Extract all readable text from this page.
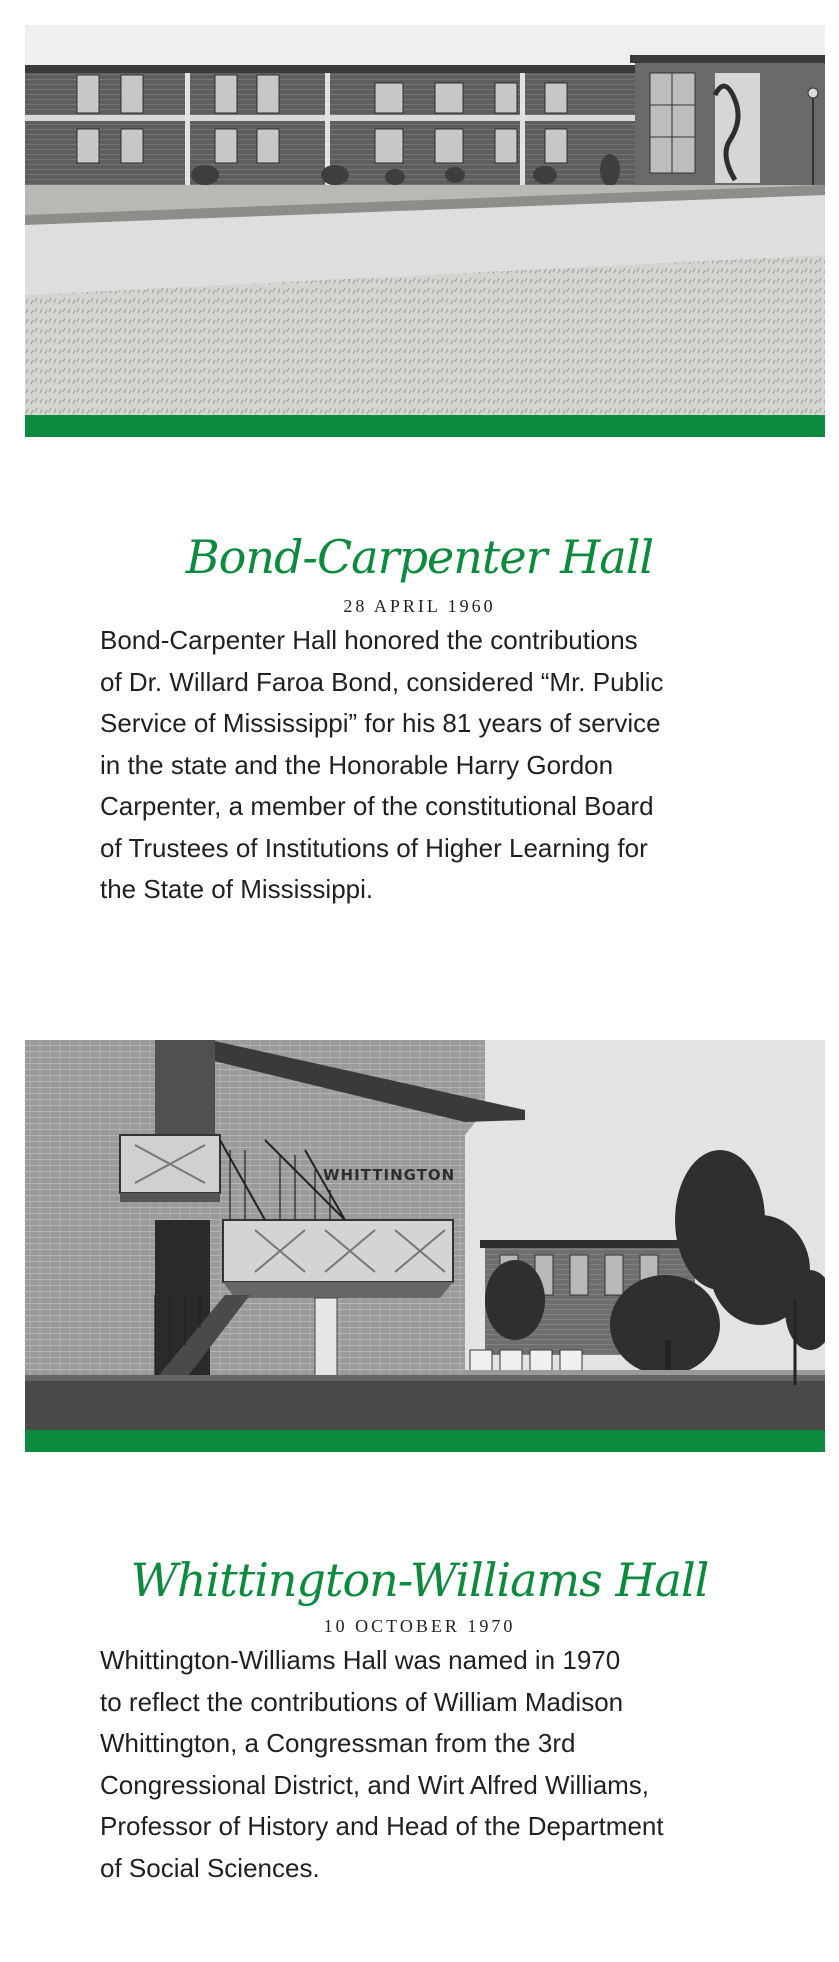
Bond-Carpenter Hall
28 APRIL 1960
Bond-Carpenter Hall honored the contributions
of Dr. Willard Faroa Bond, considered “Mr. Public
Service of Mississippi” for his 81 years of service
in the state and the Honorable Harry Gordon
Carpenter, a member of the constitutional Board
of Trustees of Institutions of Higher Learning for
the State of Mississippi.
WHITTINGTON
Whittington-Williams Hall
10 OCTOBER 1970
Whittington-Williams Hall was named in 1970
to reflect the contributions of William Madison
Whittington, a Congressman from the 3rd
Congressional District, and Wirt Alfred Williams,
Professor of History and Head of the Department
of Social Sciences.
